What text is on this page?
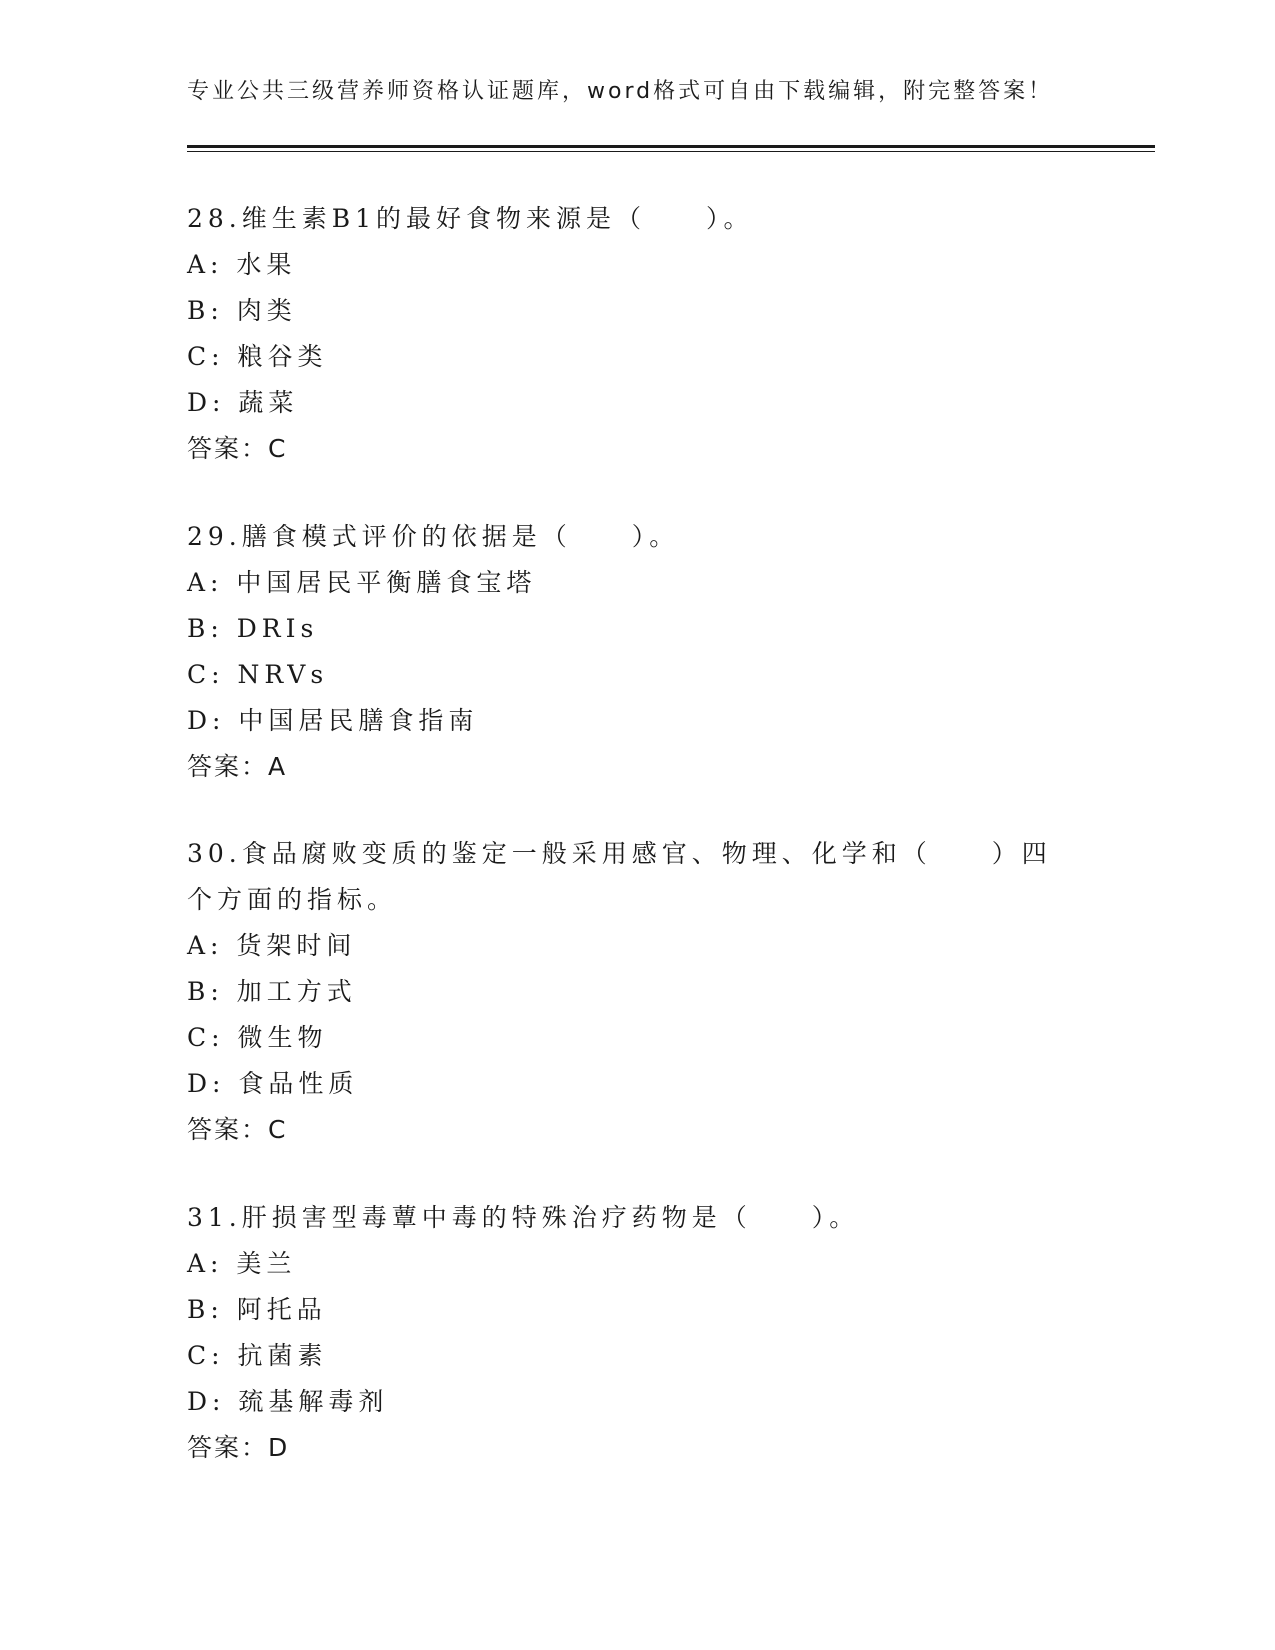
专业公共三级营养师资格认证题库，word格式可自由下载编辑，附完整答案！

28.维生素B1的最好食物来源是（　　）。

A: 水果

B: 肉类

C: 粮谷类

D: 蔬菜

答案：C

29.膳食模式评价的依据是（　　）。

A: 中国居民平衡膳食宝塔

B: DRIs

C: NRVs

D: 中国居民膳食指南

答案：A

30.食品腐败变质的鉴定一般采用感官、物理、化学和（　　）四个方面的指标。

A: 货架时间

B: 加工方式

C: 微生物

D: 食品性质

答案：C

31.肝损害型毒蕈中毒的特殊治疗药物是（　　）。

A: 美兰

B: 阿托品

C: 抗菌素

D: 巯基解毒剂

答案：D
